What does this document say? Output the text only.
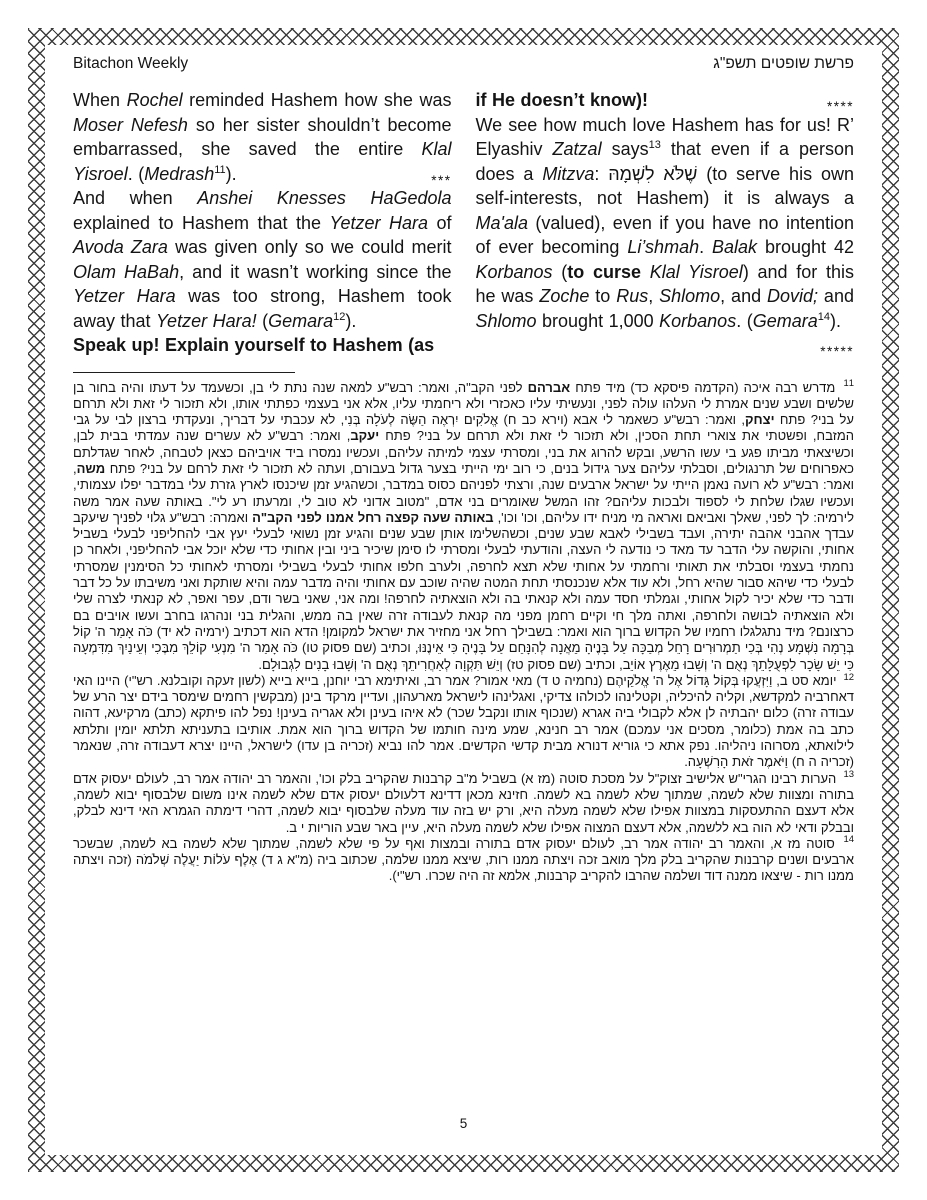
Bitachon Weekly	פרשת שופטים תשפ"ג

When Rochel reminded Hashem how she was Moser Nefesh so her sister shouldn’t become embarrassed, she saved the entire Klal Yisroel. (Medrash$^{11}$).	***

And when Anshei Knesses HaGedola explained to Hashem that the Yetzer Hara of Avoda Zara was given only so we could merit Olam HaBah, and it wasn’t working since the Yetzer Hara was too strong, Hashem took away that Yetzer Hara! (Gemara$^{12}$).

Speak up! Explain yourself to Hashem (as

if He doesn’t know)!	****

We see how much love Hashem has for us! R’ Elyashiv Zatzal says$^{13}$ that even if a person does a Mitzva: שֶׁלֹּא לִשְׁמָהּ (to serve his own self-interests, not Hashem) it is always a Ma'ala (valued), even if you have no intention of ever becoming Li’shmah. Balak brought 42 Korbanos (to curse Klal Yisroel) and for this he was Zoche to Rus, Shlomo, and Dovid; and Shlomo brought 1,000 Korbanos. (Gemara$^{14}$).
*****

$^{11}$ מדרש רבה איכה (הקדמה פיסקא כד) מיד פתח אברהם לפני הקב"ה, ואמר: רבש"ע למאה שנה נתת לי בן, וכשעמד על דעתו והיה בחור בן שלשים ושבע שנים אמרת לי העלהו עולה לפני, ונעשיתי עליו כאכזרי ולא ריחמתי עליו, אלא אני בעצמי כפתתי אותו, ולא תזכור לי זאת ולא תרחם על בני? פתח יצחק, ואמר: רבש"ע כשאמר לי אבא (וירא כב ח) אֱלֹקִים יִרְאֶה הַשֶּׂה לְעֹלָה בְּנִי, לא עכבתי על דבריך, ונעקדתי ברצון לבי על גבי המזבח, ופשטתי את צוארי תחת הסכין, ולא תזכור לי זאת ולא תרחם על בני? פתח יעקב, ואמר: רבש"ע לא עשרים שנה עמדתי בבית לבן, וכשיצאתי מביתו פגע בי עשו הרשע, ובקש להרוג את בני, ומסרתי עצמי למיתה עליהם, ועכשיו נמסרו ביד אויביהם כצאן לטבחה, לאחר שגדלתם כאפרוחים של תרנגולים, וסבלתי עליהם צער גידול בנים, כי רוב ימי הייתי בצער גדול בעבורם, ועתה לא תזכור לי זאת לרחם על בני? פתח משה, ואמר: רבש"ע לא רועה נאמן הייתי על ישראל ארבעים שנה, ורצתי לפניהם כסוס במדבר, וכשהגיע זמן שיכנסו לארץ גזרת עלי במדבר יפלו עצמותי, ועכשיו שגלו שלחת לי לספוד ולבכות עליהם? זהו המשל שאומרים בני אדם, "מטוב אדוני לא טוב לי, ומרעתו רע לי". באותה שעה אמר משה לירמיה: לך לפני, שאלך ואביאם ואראה מי מניח ידו עליהם, וכו' וכו', באותה שעה קפצה רחל אמנו לפני הקב"ה ואמרה: רבש"ע גלוי לפניך שיעקב עבדך אהבני אהבה יתירה, ועבד בשבילי לאבא שבע שנים, וכשהשלימו אותן שבע שנים והגיע זמן נשואי לבעלי יעץ אבי להחליפני לבעלי בשביל אחותי, והוקשה עלי הדבר עד מאד כי נודעה לי העצה, והודעתי לבעלי ומסרתי לו סימן שיכיר ביני ובין אחותי כדי שלא יוכל אבי להחליפני, ולאחר כן נחמתי בעצמי וסבלתי את תאותי ורחמתי על אחותי שלא תצא לחרפה, ולערב חלפו אחותי לבעלי בשבילי ומסרתי לאחותי כל הסימנין שמסרתי לבעלי כדי שיהא סבור שהיא רחל, ולא עוד אלא שנכנסתי תחת המטה שהיה שוכב עם אחותי והיה מדבר עמה והיא שותקת ואני משיבתו על כל דבר ודבר כדי שלא יכיר לקול אחותי, וגמלתי חסד עמה ולא קנאתי בה ולא הוצאתיה לחרפה! ומה אני, שאני בשר ודם, עפר ואפר, לא קנאתי לצרה שלי ולא הוצאתיה לבושה ולחרפה, ואתה מלך חי וקיים רחמן מפני מה קנאת לעבודה זרה שאין בה ממש, והגלית בני ונהרגו בחרב ועשו אויבים בם כרצונם? מיד נתגלגלו רחמיו של הקדוש ברוך הוא ואמר: בשבילך רחל אני מחזיר את ישראל למקומן! הדא הוא דכתיב (ירמיה לא יד) כֹּה אָמַר ה' קוֹל בְּרָמָה נִשְׁמָע נְהִי בְּכִי תַמְרוּרִים רָחֵל מְבַכָּה עַל בָּנֶיהָ מֵאֲנָה לְהִנָּחֵם עַל בָּנֶיהָ כִּי אֵינֶנּוּ, וכתיב (שם פסוק טו) כֹּה אָמַר ה' מִנְעִי קוֹלֵךְ מִבֶּכִי וְעֵינַיִךְ מִדִּמְעָה כִּי יֵשׁ שָׂכָר לִפְעֻלָּתֵךְ נְאֻם ה' וְשָׁבוּ מֵאֶרֶץ אוֹיֵב, וכתיב (שם פסוק טז) וְיֵשׁ תִּקְוָה לְאַחֲרִיתֵךְ נְאֻם ה' וְשָׁבוּ בָנִים לִגְבוּלָם.
$^{12}$ יומא סט ב, וַיִּזְעֲקוּ בְּקוֹל גָּדוֹל אֶל ה' אֱלֹקֵיהֶם (נחמיה ט ד) מאי אמור? אמר רב, ואיתימא רבי יוחנן, בייא בייא (לשון זעקה וקובלנא. רש"י) היינו האי דאחרביה למקדשא, וקליה להיכליה, וקטלינהו לכולהו צדיקי, ואגלינהו לישראל מארעהון, ועדיין מרקד בינן (מבקשין רחמים שימסר בידם יצר הרע של עבודה זרה) כלום יהבתיה לן אלא לקבולי ביה אגרא (שנכוף אותו ונקבל שכר) לא איהו בעינן ולא אגריה בעינן! נפל להו פיתקא (כתב) מרקיעא, דהוה כתב בה אמת (כלומר, מסכים אני עמכם) אמר רב חנינא, שמע מינה חותמו של הקדוש ברוך הוא אמת. אותיבו בתעניתא תלתא יומין ותלתא לילואתא, מסרוהו ניהליהו. נפק אתא כי גוריא דנורא מבית קדשי הקדשים. אמר להו נביא (זכריה בן עדו) לישראל, היינו יצרא דעבודה זרה, שנאמר (זכריה ה ח) וַיֹּאמֶר זֹאת הָרִשְׁעָה.
$^{13}$ הערות רבינו הגרי"ש אלישיב זצוק"ל על מסכת סוטה (מז א) בשביל מ"ב קרבנות שהקריב בלק וכו', והאמר רב יהודה אמר רב, לעולם יעסוק אדם בתורה ומצוות שלא לשמה, שמתוך שלא לשמה בא לשמה. חזינא מכאן דדינא דלעולם יעסוק אדם שלא לשמה אינו משום שלבסוף יבוא לשמה, אלא דעצם ההתעסקות במצוות אפילו שלא לשמה מעלה היא, ורק יש בזה עוד מעלה שלבסוף יבוא לשמה, דהרי דימתה הגמרא האי דינא לבלק, ובבלק ודאי לא הוה בא ללשמה, אלא דעצם המצוה אפילו שלא לשמה מעלה היא, עיין באר שבע הוריות י ב.
$^{14}$ סוטה מז א, והאמר רב יהודה אמר רב, לעולם יעסוק אדם בתורה ובמצות ואף על פי שלא לשמה, שמתוך שלא לשמה בא לשמה, שבשכר ארבעים ושנים קרבנות שהקריב בלק מלך מואב זכה ויצתה ממנו רות, שיצא ממנו שלמה, שכתוב ביה (מ"א ג ד) אֶלֶף עֹלוֹת יַעֲלֶה שְׁלֹמֹה (זכה ויצתה ממנו רות - שיצאו ממנה דוד ושלמה שהרבו להקריב קרבנות, אלמא זה היה שכרו. רש"י).
5
